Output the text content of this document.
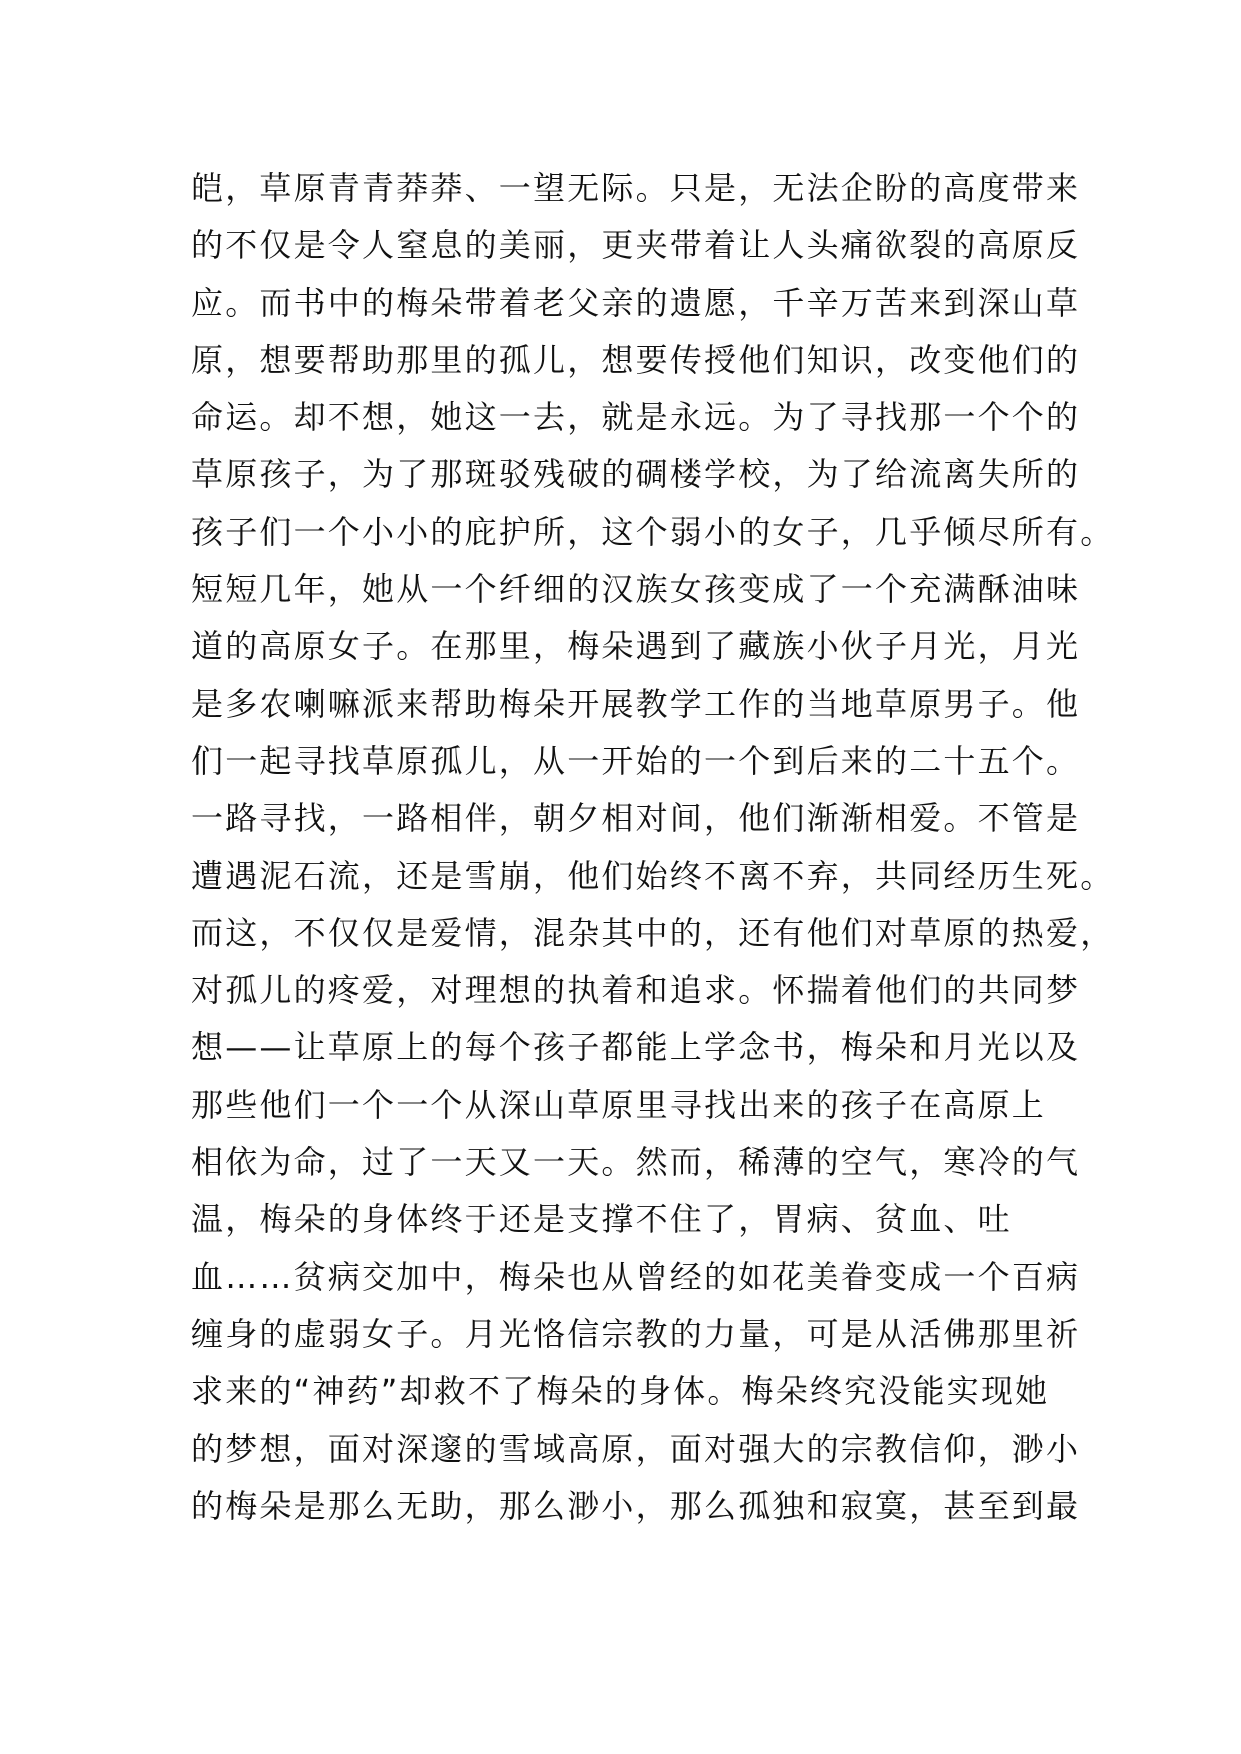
皑，草原青青莽莽、一望无际。只是，无法企盼的高度带来
的不仅是令人窒息的美丽，更夹带着让人头痛欲裂的高原反
应。而书中的梅朵带着老父亲的遗愿，千辛万苦来到深山草
原，想要帮助那里的孤儿，想要传授他们知识，改变他们的
命运。却不想，她这一去，就是永远。为了寻找那一个个的
草原孩子，为了那斑驳残破的碉楼学校，为了给流离失所的
孩子们一个小小的庇护所，这个弱小的女子，几乎倾尽所有。
短短几年，她从一个纤细的汉族女孩变成了一个充满酥油味
道的高原女子。在那里，梅朵遇到了藏族小伙子月光，月光
是多农喇嘛派来帮助梅朵开展教学工作的当地草原男子。他
们一起寻找草原孤儿，从一开始的一个到后来的二十五个。
一路寻找，一路相伴，朝夕相对间，他们渐渐相爱。不管是
遭遇泥石流，还是雪崩，他们始终不离不弃，共同经历生死。
而这，不仅仅是爱情，混杂其中的，还有他们对草原的热爱，
对孤儿的疼爱，对理想的执着和追求。怀揣着他们的共同梦
想——让草原上的每个孩子都能上学念书，梅朵和月光以及
那些他们一个一个从深山草原里寻找出来的孩子在高原上
相依为命，过了一天又一天。然而，稀薄的空气，寒冷的气
温，梅朵的身体终于还是支撑不住了，胃病、贫血、吐
血……贫病交加中，梅朵也从曾经的如花美眷变成一个百病
缠身的虚弱女子。月光恪信宗教的力量，可是从活佛那里祈
求来的“神药”却救不了梅朵的身体。梅朵终究没能实现她
的梦想，面对深邃的雪域高原，面对强大的宗教信仰，渺小
的梅朵是那么无助，那么渺小，那么孤独和寂寞，甚至到最
